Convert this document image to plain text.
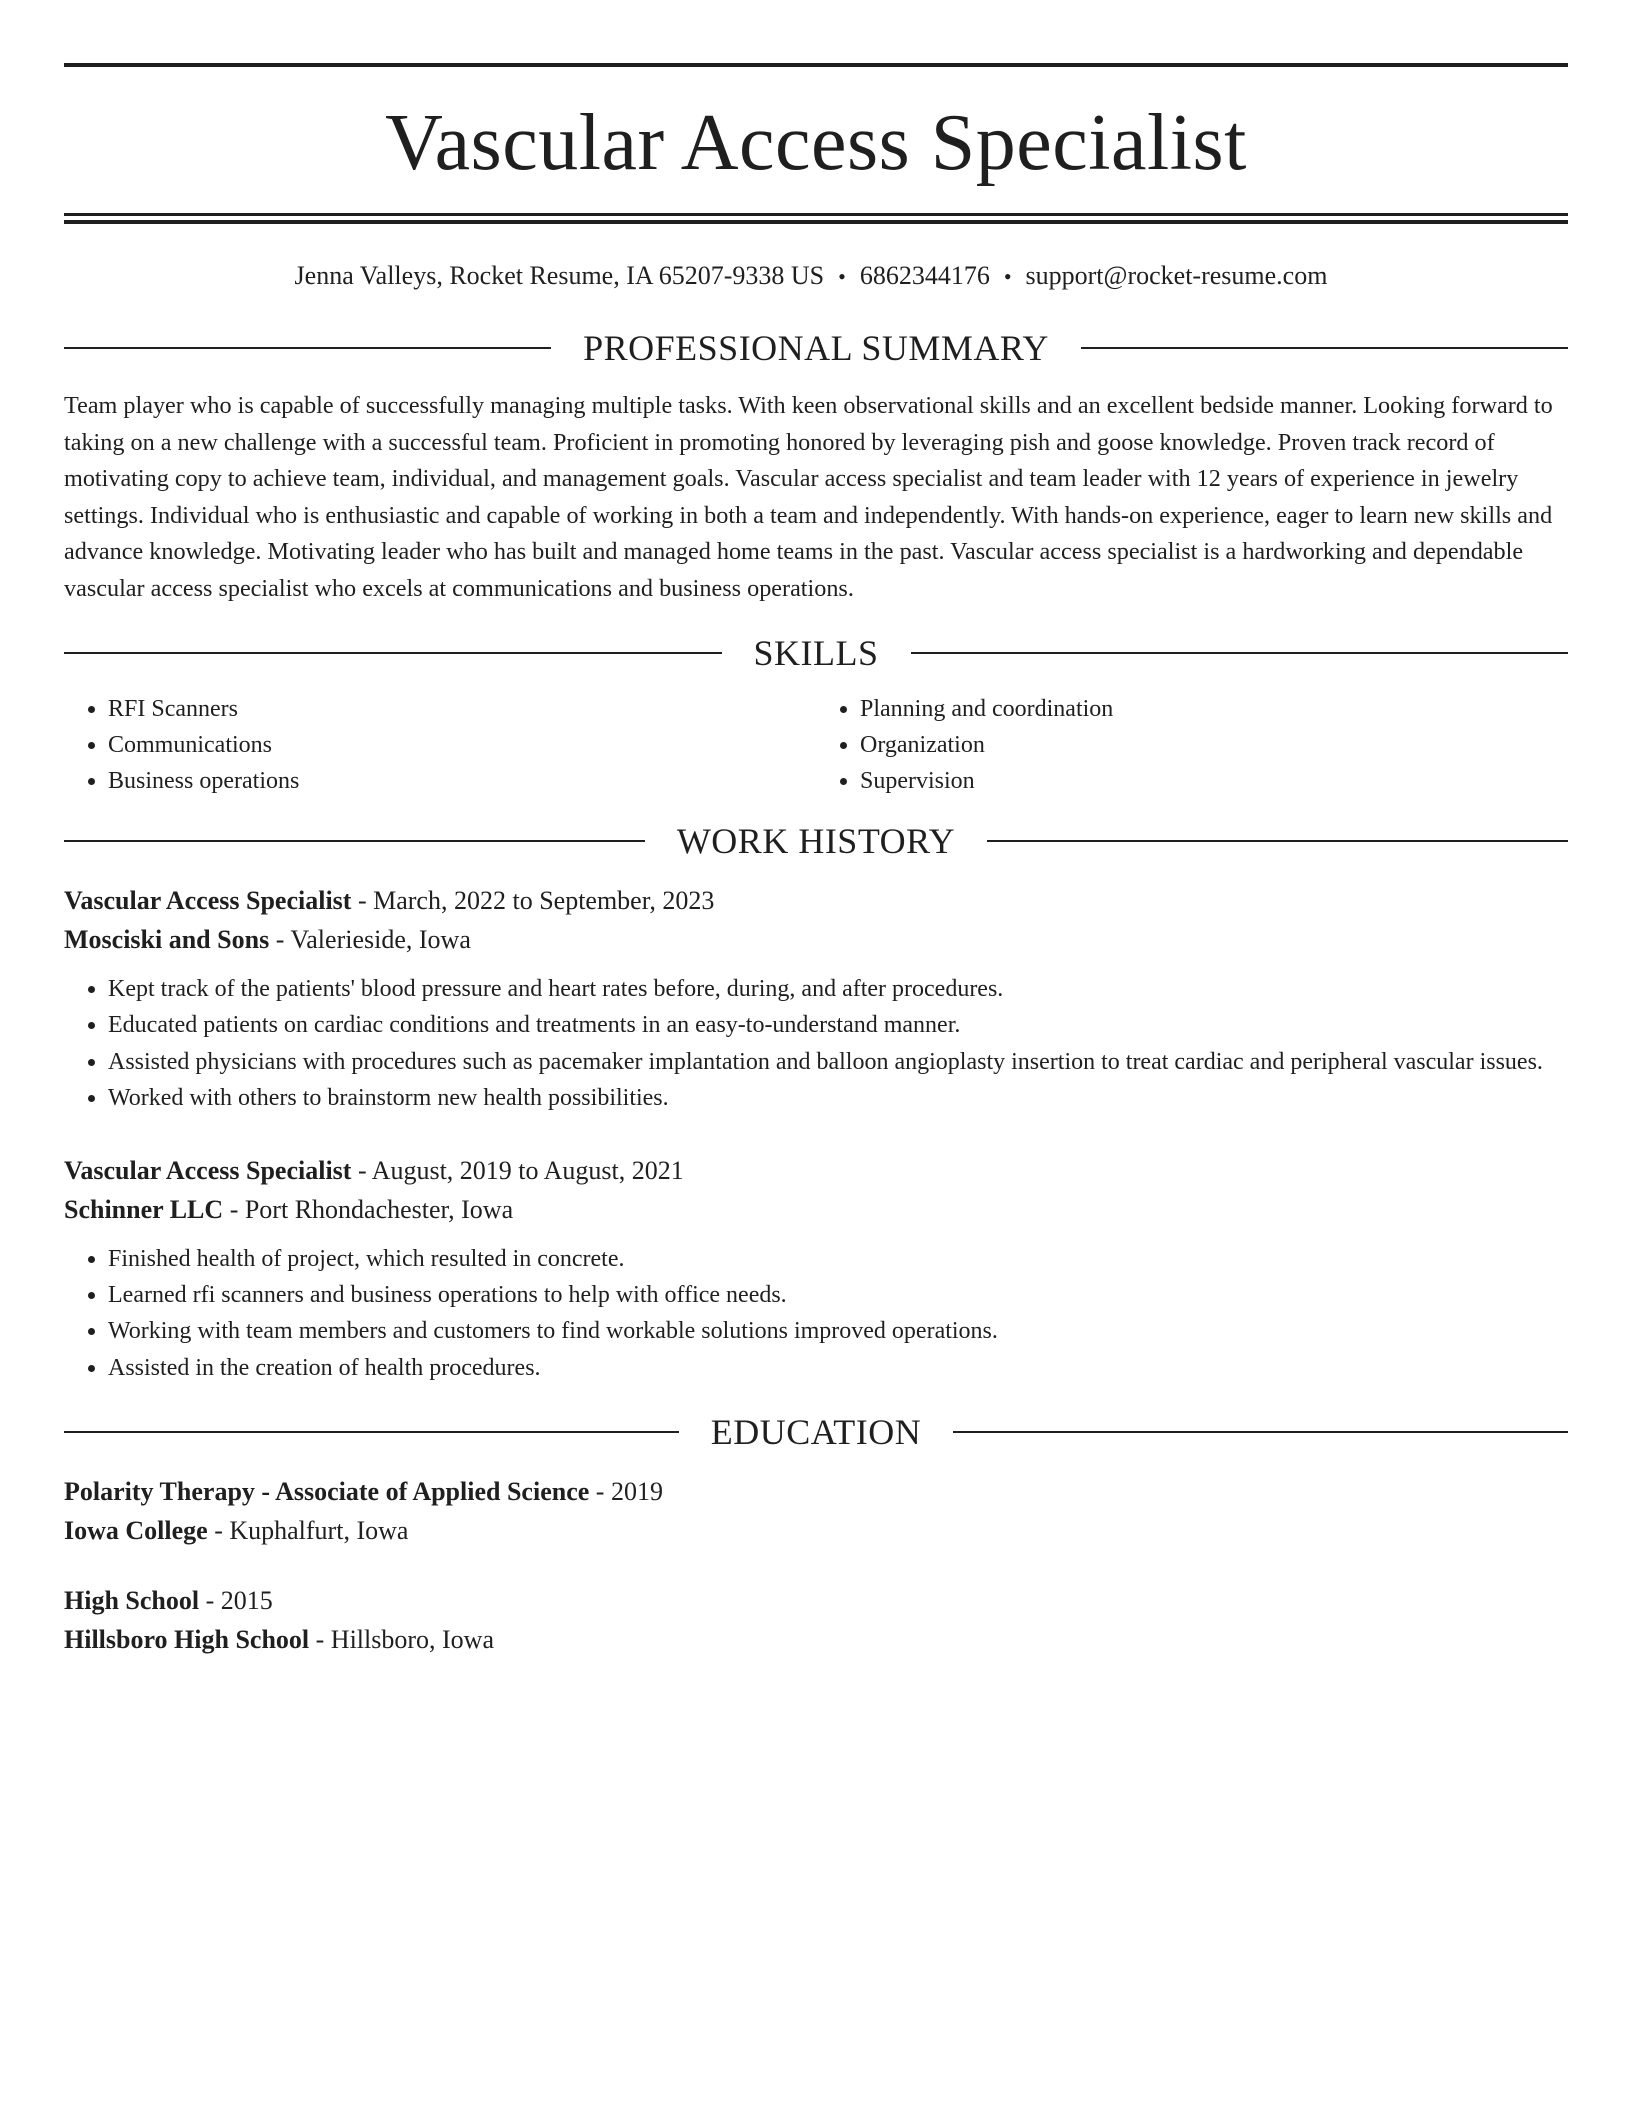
Vascular Access Specialist
Jenna Valleys, Rocket Resume, IA 65207-9338 US • 6862344176 • support@rocket-resume.com
PROFESSIONAL SUMMARY

Team player who is capable of successfully managing multiple tasks. With keen observational skills and an excellent bedside manner. Looking forward to taking on a new challenge with a successful team. Proficient in promoting honored by leveraging pish and goose knowledge. Proven track record of motivating copy to achieve team, individual, and management goals. Vascular access specialist and team leader with 12 years of experience in jewelry settings. Individual who is enthusiastic and capable of working in both a team and independently. With hands-on experience, eager to learn new skills and advance knowledge. Motivating leader who has built and managed home teams in the past. Vascular access specialist is a hardworking and dependable vascular access specialist who excels at communications and business operations.

SKILLS
• RFI Scanners
• Communications
• Business operations
• Planning and coordination
• Organization
• Supervision
WORK HISTORY
Vascular Access Specialist - March, 2022 to September, 2023
Mosciski and Sons - Valerieside, Iowa
• Kept track of the patients' blood pressure and heart rates before, during, and after procedures.
• Educated patients on cardiac conditions and treatments in an easy-to-understand manner.
• Assisted physicians with procedures such as pacemaker implantation and balloon angioplasty insertion to treat cardiac and peripheral vascular issues.
• Worked with others to brainstorm new health possibilities.
Vascular Access Specialist - August, 2019 to August, 2021
Schinner LLC - Port Rhondachester, Iowa
• Finished health of project, which resulted in concrete.
• Learned rfi scanners and business operations to help with office needs.
• Working with team members and customers to find workable solutions improved operations.
• Assisted in the creation of health procedures.
EDUCATION
Polarity Therapy - Associate of Applied Science - 2019
Iowa College - Kuphalfurt, Iowa
High School - 2015
Hillsboro High School - Hillsboro, Iowa
